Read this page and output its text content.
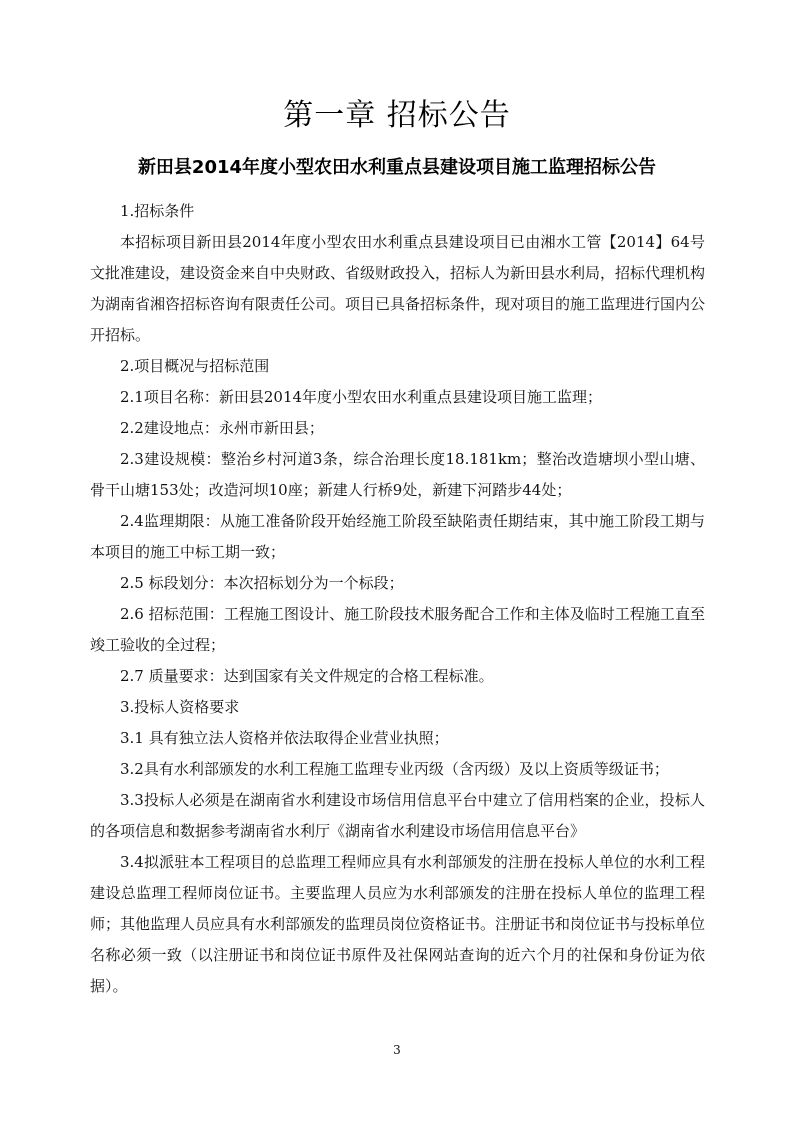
第一章 招标公告
新田县2014年度小型农田水利重点县建设项目施工监理招标公告

1.招标条件

本招标项目新田县2014年度小型农田水利重点县建设项目已由湘水工管【2014】64号文批准建设，建设资金来自中央财政、省级财政投入，招标人为新田县水利局，招标代理机构为湖南省湘咨招标咨询有限责任公司。项目已具备招标条件，现对项目的施工监理进行国内公开招标。

2.项目概况与招标范围

2.1项目名称：新田县2014年度小型农田水利重点县建设项目施工监理；

2.2建设地点：永州市新田县；

2.3建设规模：整治乡村河道3条，综合治理长度18.181km；整治改造塘坝小型山塘、骨干山塘153处；改造河坝10座；新建人行桥9处，新建下河踏步44处；

2.4监理期限：从施工准备阶段开始经施工阶段至缺陷责任期结束，其中施工阶段工期与本项目的施工中标工期一致；

2.5 标段划分：本次招标划分为一个标段；

2.6 招标范围：工程施工图设计、施工阶段技术服务配合工作和主体及临时工程施工直至竣工验收的全过程；

2.7 质量要求：达到国家有关文件规定的合格工程标准。

3.投标人资格要求

3.1 具有独立法人资格并依法取得企业营业执照；

3.2具有水利部颁发的水利工程施工监理专业丙级（含丙级）及以上资质等级证书；

3.3投标人必须是在湖南省水利建设市场信用信息平台中建立了信用档案的企业，投标人的各项信息和数据参考湖南省水利厅《湖南省水利建设市场信用信息平台》

3.4拟派驻本工程项目的总监理工程师应具有水利部颁发的注册在投标人单位的水利工程建设总监理工程师岗位证书。主要监理人员应为水利部颁发的注册在投标人单位的监理工程师；其他监理人员应具有水利部颁发的监理员岗位资格证书。注册证书和岗位证书与投标单位名称必须一致（以注册证书和岗位证书原件及社保网站查询的近六个月的社保和身份证为依据）。

3
